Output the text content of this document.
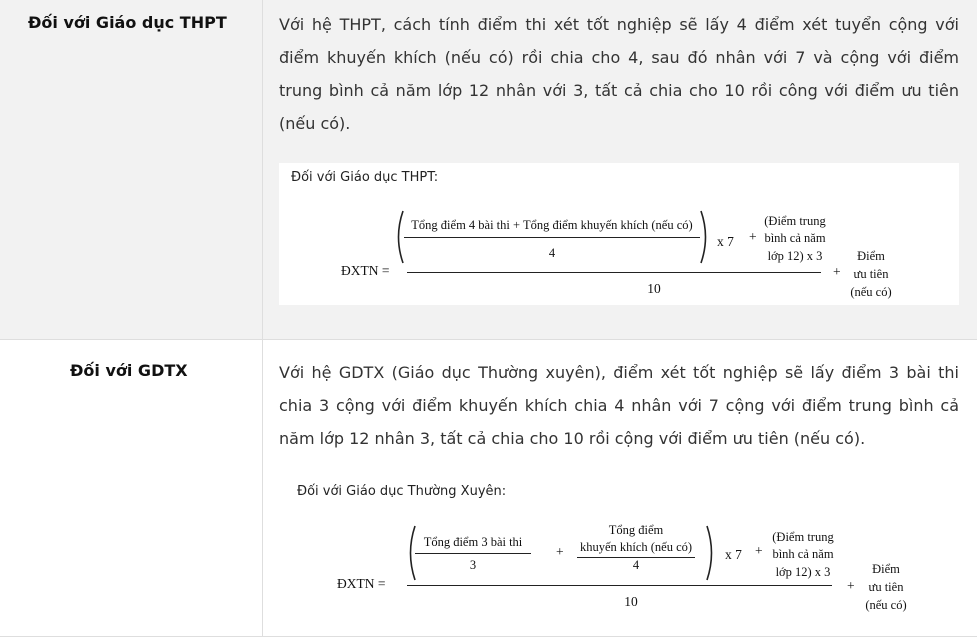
Đối với Giáo dục THPT	Với hệ THPT, cách tính điểm thi xét tốt nghiệp sẽ lấy 4 điểm xét tuyển cộng với điểm khuyến khích (nếu có) rồi chia cho 4, sau đó nhân với 7 và cộng với điểm trung bình cả năm lớp 12 nhân với 3, tất cả chia cho 10 rồi công với điểm ưu tiên (nếu có).
Đối với Giáo dục THPT:
Tổng điểm 4 bài thi + Tổng điểm khuyến khích (nếu có)
4
x 7 +
(Điểm trung
bình cả năm
lớp 12) x 3
ĐXTN =
10
+
Điểm
ưu tiên
(nếu có)
Đối với GDTX	Với hệ GDTX (Giáo dục Thường xuyên), điểm xét tốt nghiệp sẽ lấy điểm 3 bài thi chia 3 cộng với điểm khuyến khích chia 4 nhân với 7 cộng với điểm trung bình cả năm lớp 12 nhân 3, tất cả chia cho 10 rồi cộng với điểm ưu tiên (nếu có).
Đối với Giáo dục Thường Xuyên:
Tổng điểm 3 bài thi
3
+
Tổng điểm
khuyến khích (nếu có)
4
x 7 +
(Điểm trung
bình cả năm
lớp 12) x 3
ĐXTN =
10
+
Điểm
ưu tiên
(nếu có)
